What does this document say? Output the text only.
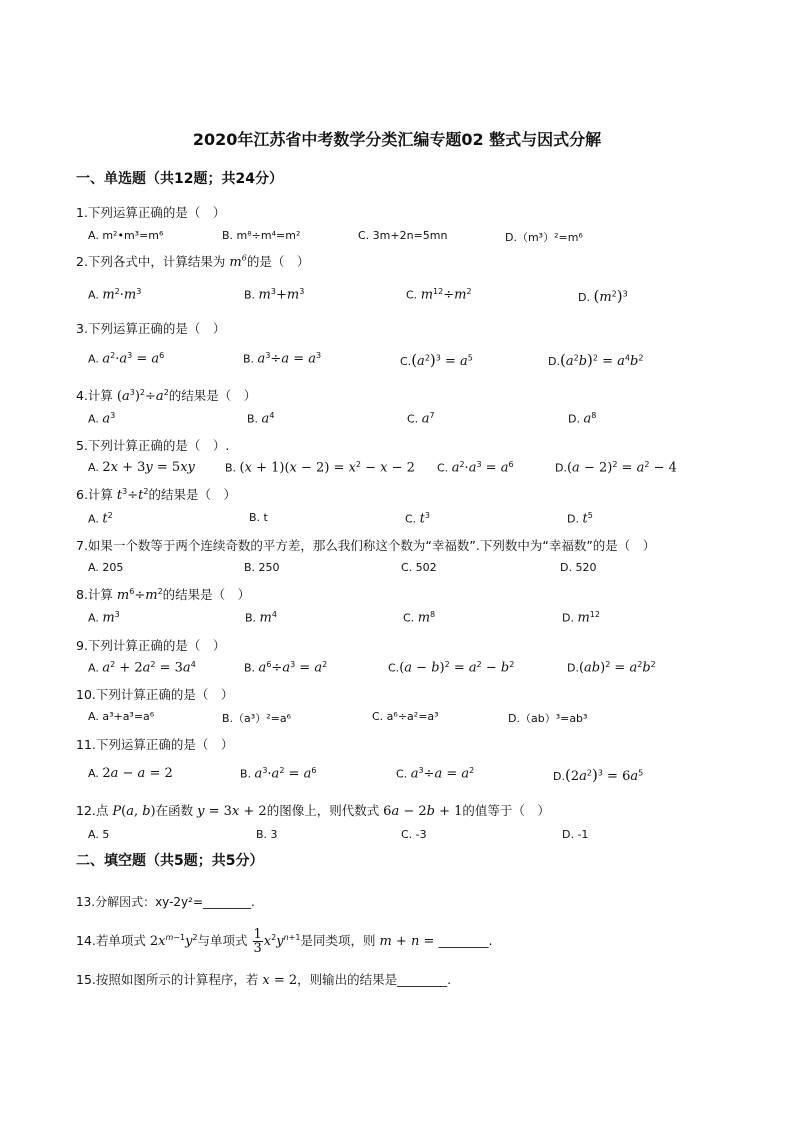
2020年江苏省中考数学分类汇编专题02 整式与因式分解
一、单选题（共12题；共24分）
1.下列运算正确的是（　）
A. m²•m³=m⁶	B. m⁸÷m⁴=m²	C. 3m+2n=5mn	D.（m³）²=m⁶
2.下列各式中，计算结果为 $m^6$的是（　）
A. $m^2\cdot m^3$	B. $m^3+m^3$	C. $m^{12}\div m^2$	D. $(m^2)^3$
3.下列运算正确的是（　）
A. $a^2\cdot a^3 = a^6$	B. $a^3\div a = a^3$	$C.(a^2)^3 = a^5$	$D.(a^2b)^2 = a^4b^2$
4.计算 $(a^3)^2\div a^2$的结果是（　）
A. $a^3$	B. $a^4$	C. $a^7$	D. $a^8$
5.下列计算正确的是（　）.
A. 2x + 3y = 5xy	B. $(x + 1)(x - 2) = x^2 - x - 2$ C. $a^2\cdot a^3 = a^6$	$D.(a - 2)^2 = a^2 - 4$
6.计算 $t^3\div t^2$的结果是（　）
A. $t^2$	B. t	C. $t^3$	D. $t^5$
7.如果一个数等于两个连续奇数的平方差，那么我们称这个数为“幸福数”.下列数中为“幸福数”的是（　）
A. 205	B. 250	C. 502	D. 520
8.计算 $m^6\div m^2$的结果是（　）
A. $m^3$	B. $m^4$	C. $m^8$	D. $m^{12}$
9.下列计算正确的是（　）
A. $a^2 + 2a^2 = 3a^4$	B. $a^6\div a^3 = a^2$	$C.(a - b)^2 = a^2 - b^2$	$D.(ab)^2 = a^2b^2$
10.下列计算正确的是（　）
A. a³+a³=a⁶	B.（a³）²=a⁶	C. a⁶÷a²=a³	D.（ab）³=ab³
11.下列运算正确的是（　）
A. 2a − a = 2	B. $a^3\cdot a^2 = a^6$	C. $a^3\div a = a^2$	$D.(2a^2)^3 = 6a^5$
12.点 P(a, b)在函数 y = 3x + 2的图像上，则代数式 6a − 2b + 1的值等于（　）
A. 5	B. 3	C. -3	D. -1
二、填空题（共5题；共5分）
13.分解因式：xy-2y²=________.
14.若单项式 $2x^{m-1}y^2$与单项式 $\frac{1}{3} x^2y^{n+1}$是同类项，则 m + n = ________.
15.按照如图所示的计算程序，若 x = 2，则输出的结果是________.
